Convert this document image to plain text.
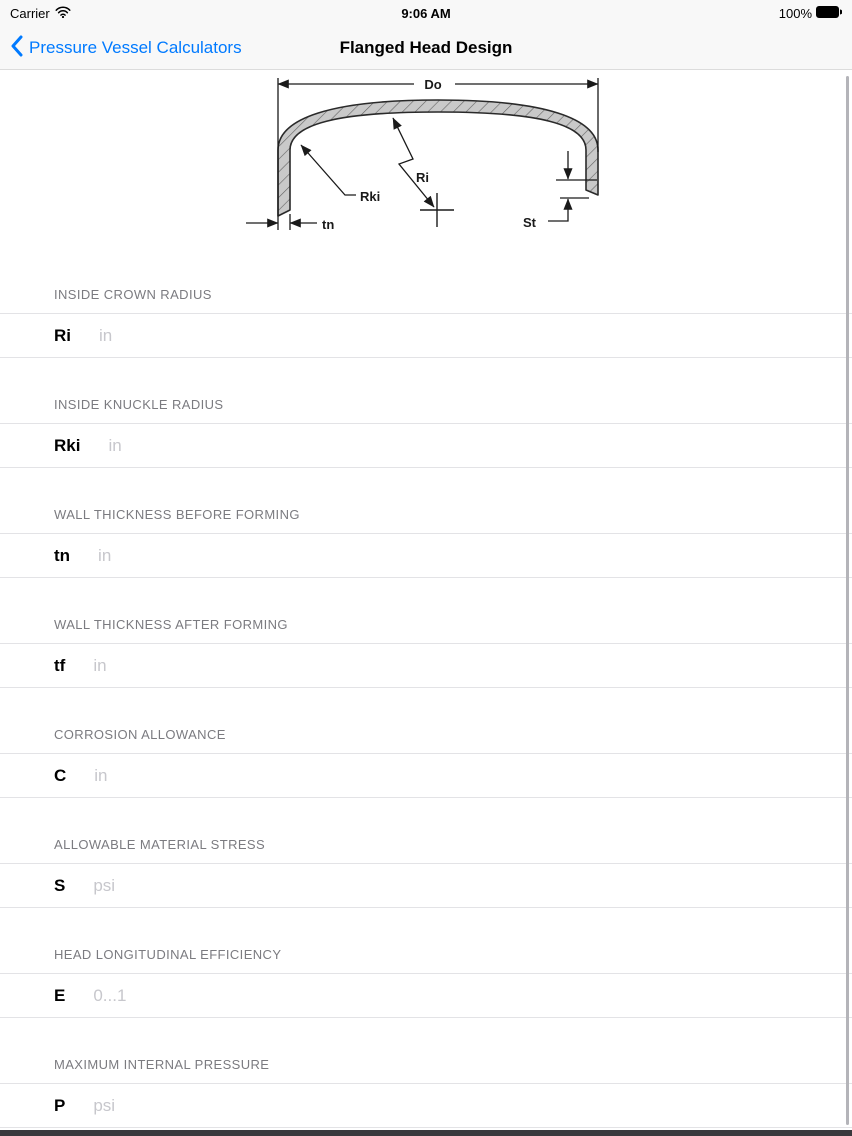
Carrier	9:06 AM	100%
Pressure Vessel Calculators	Flanged Head Design
Do
Ri
Rki
tn	St
INSIDE CROWN RADIUS
Ri
in
INSIDE KNUCKLE RADIUS
Rki
in
WALL THICKNESS BEFORE FORMING
tn
in
WALL THICKNESS AFTER FORMING
tf
in
CORROSION ALLOWANCE
C
in
ALLOWABLE MATERIAL STRESS
S
psi
HEAD LONGITUDINAL EFFICIENCY
E
0...1
MAXIMUM INTERNAL PRESSURE
P
psi
